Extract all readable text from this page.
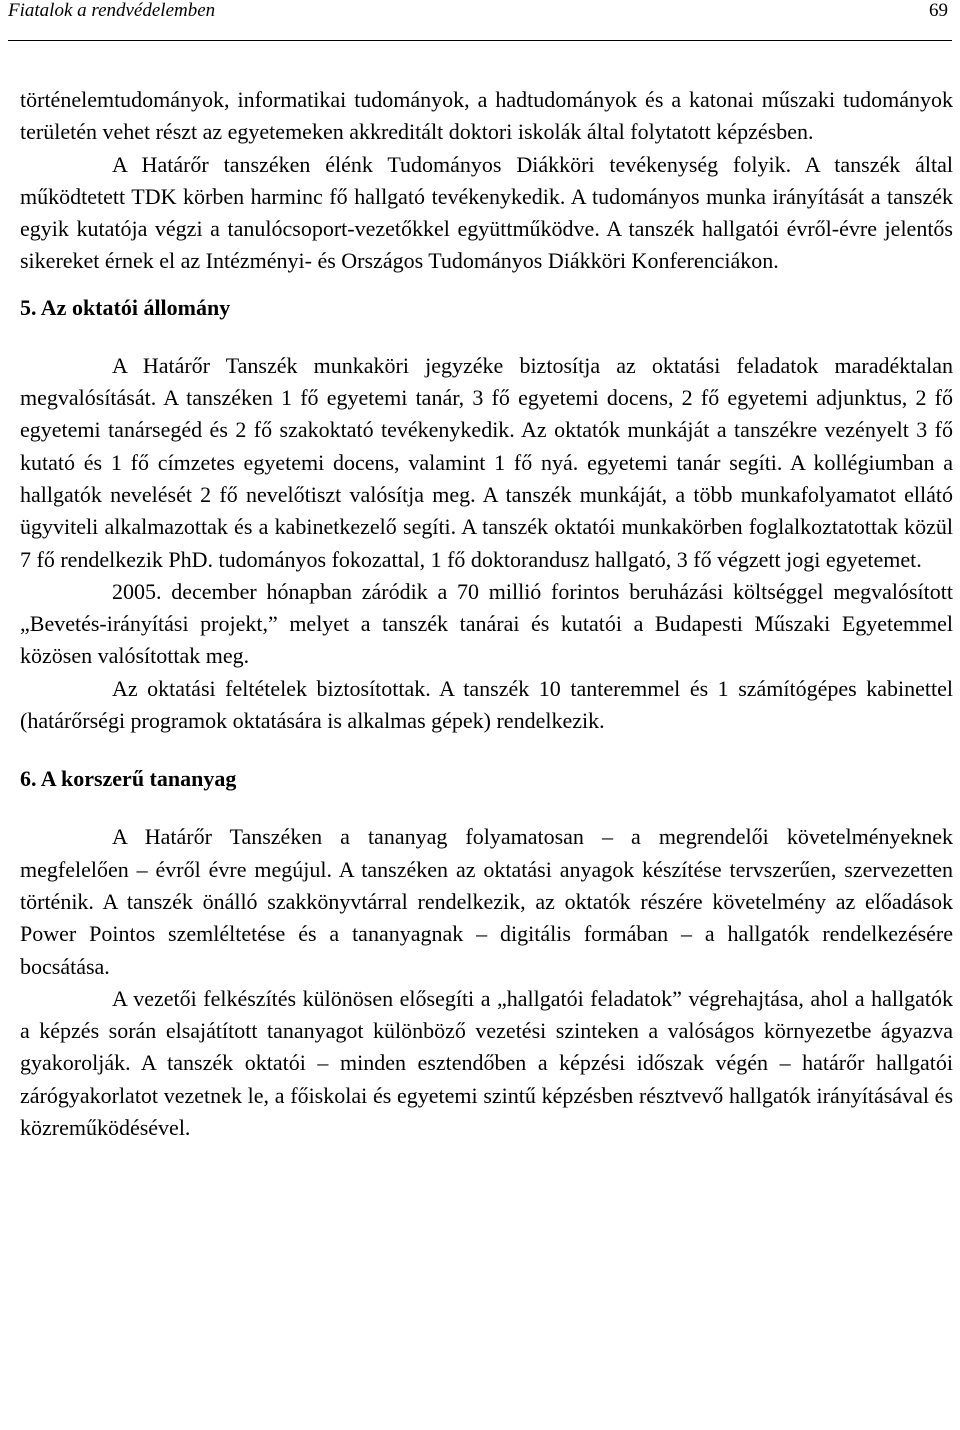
Fiatalok a rendvédelemben	69

történelemtudományok, informatikai tudományok, a hadtudományok és a katonai műszaki tudományok területén vehet részt az egyetemeken akkreditált doktori iskolák által folytatott képzésben.

A Határőr tanszéken élénk Tudományos Diákköri tevékenység folyik. A tanszék által működtetett TDK körben harminc fő hallgató tevékenykedik. A tudományos munka irányítását a tanszék egyik kutatója végzi a tanulócsoport-vezetőkkel együttműködve. A tanszék hallgatói évről-évre jelentős sikereket érnek el az Intézményi- és Országos Tudományos Diákköri Konferenciákon.

5. Az oktatói állomány

A Határőr Tanszék munkaköri jegyzéke biztosítja az oktatási feladatok maradéktalan megvalósítását. A tanszéken 1 fő egyetemi tanár, 3 fő egyetemi docens, 2 fő egyetemi adjunktus, 2 fő egyetemi tanársegéd és 2 fő szakoktató tevékenykedik. Az oktatók munkáját a tanszékre vezényelt 3 fő kutató és 1 fő címzetes egyetemi docens, valamint 1 fő nyá. egyetemi tanár segíti. A kollégiumban a hallgatók nevelését 2 fő nevelőtiszt valósítja meg. A tanszék munkáját, a több munkafolyamatot ellátó ügyviteli alkalmazottak és a kabinetkezelő segíti. A tanszék oktatói munkakörben foglalkoztatottak közül 7 fő rendelkezik PhD. tudományos fokozattal, 1 fő doktorandusz hallgató, 3 fő végzett jogi egyetemet.

2005. december hónapban záródik a 70 millió forintos beruházási költséggel megvalósított „Bevetés-irányítási projekt,” melyet a tanszék tanárai és kutatói a Budapesti Műszaki Egyetemmel közösen valósítottak meg.

Az oktatási feltételek biztosítottak. A tanszék 10 tanteremmel és 1 számítógépes kabinettel (határőrségi programok oktatására is alkalmas gépek) rendelkezik.

6. A korszerű tananyag

A Határőr Tanszéken a tananyag folyamatosan – a megrendelői követelményeknek megfelelően – évről évre megújul. A tanszéken az oktatási anyagok készítése tervszerűen, szervezetten történik. A tanszék önálló szakkönyvtárral rendelkezik, az oktatók részére követelmény az előadások Power Pointos szemléltetése és a tananyagnak – digitális formában – a hallgatók rendelkezésére bocsátása.

A vezetői felkészítés különösen elősegíti a „hallgatói feladatok” végrehajtása, ahol a hallgatók a képzés során elsajátított tananyagot különböző vezetési szinteken a valóságos környezetbe ágyazva gyakorolják. A tanszék oktatói – minden esztendőben a képzési időszak végén – határőr hallgatói zárógyakorlatot vezetnek le, a főiskolai és egyetemi szintű képzésben résztvevő hallgatók irányításával és közreműködésével.
